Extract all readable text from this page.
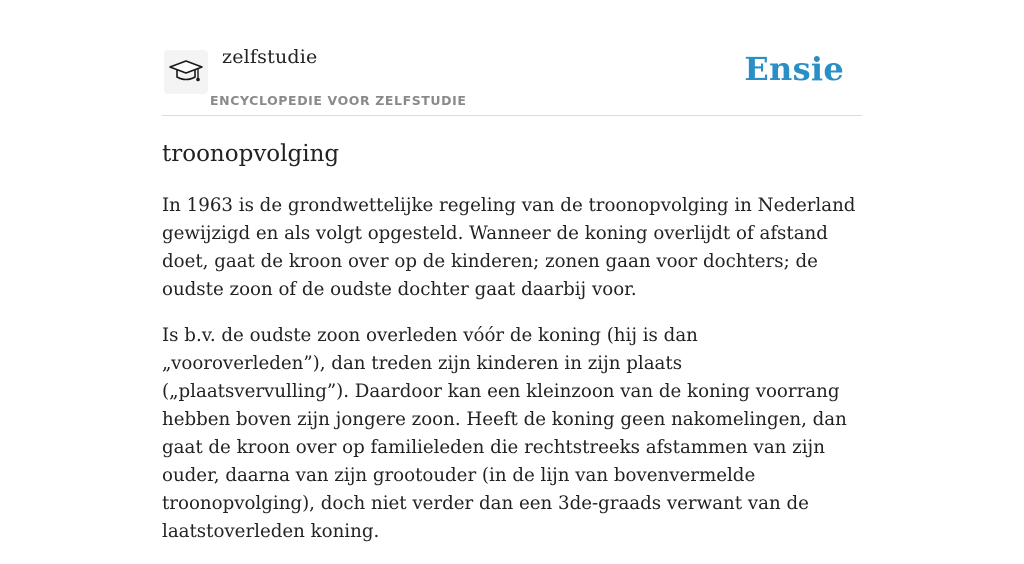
zelfstudie
ENCYCLOPEDIE VOOR ZELFSTUDIE
Ensie
troonopvolging

In 1963 is de grondwettelijke regeling van de troonopvolging in Nederland gewijzigd en als volgt opgesteld. Wanneer de koning overlijdt of afstand doet, gaat de kroon over op de kinderen; zonen gaan voor dochters; de oudste zoon of de oudste dochter gaat daarbij voor.

Is b.v. de oudste zoon overleden vóór de koning (hij is dan „vooroverleden”), dan treden zijn kinderen in zijn plaats („plaatsvervulling”). Daardoor kan een kleinzoon van de koning voorrang hebben boven zijn jongere zoon. Heeft de koning geen nakomelingen, dan gaat de kroon over op familieleden die rechtstreeks afstammen van zijn ouder, daarna van zijn grootouder (in de lijn van bovenvermelde troonopvolging), doch niet verder dan een 3de-graads verwant van de laatstoverleden koning.
